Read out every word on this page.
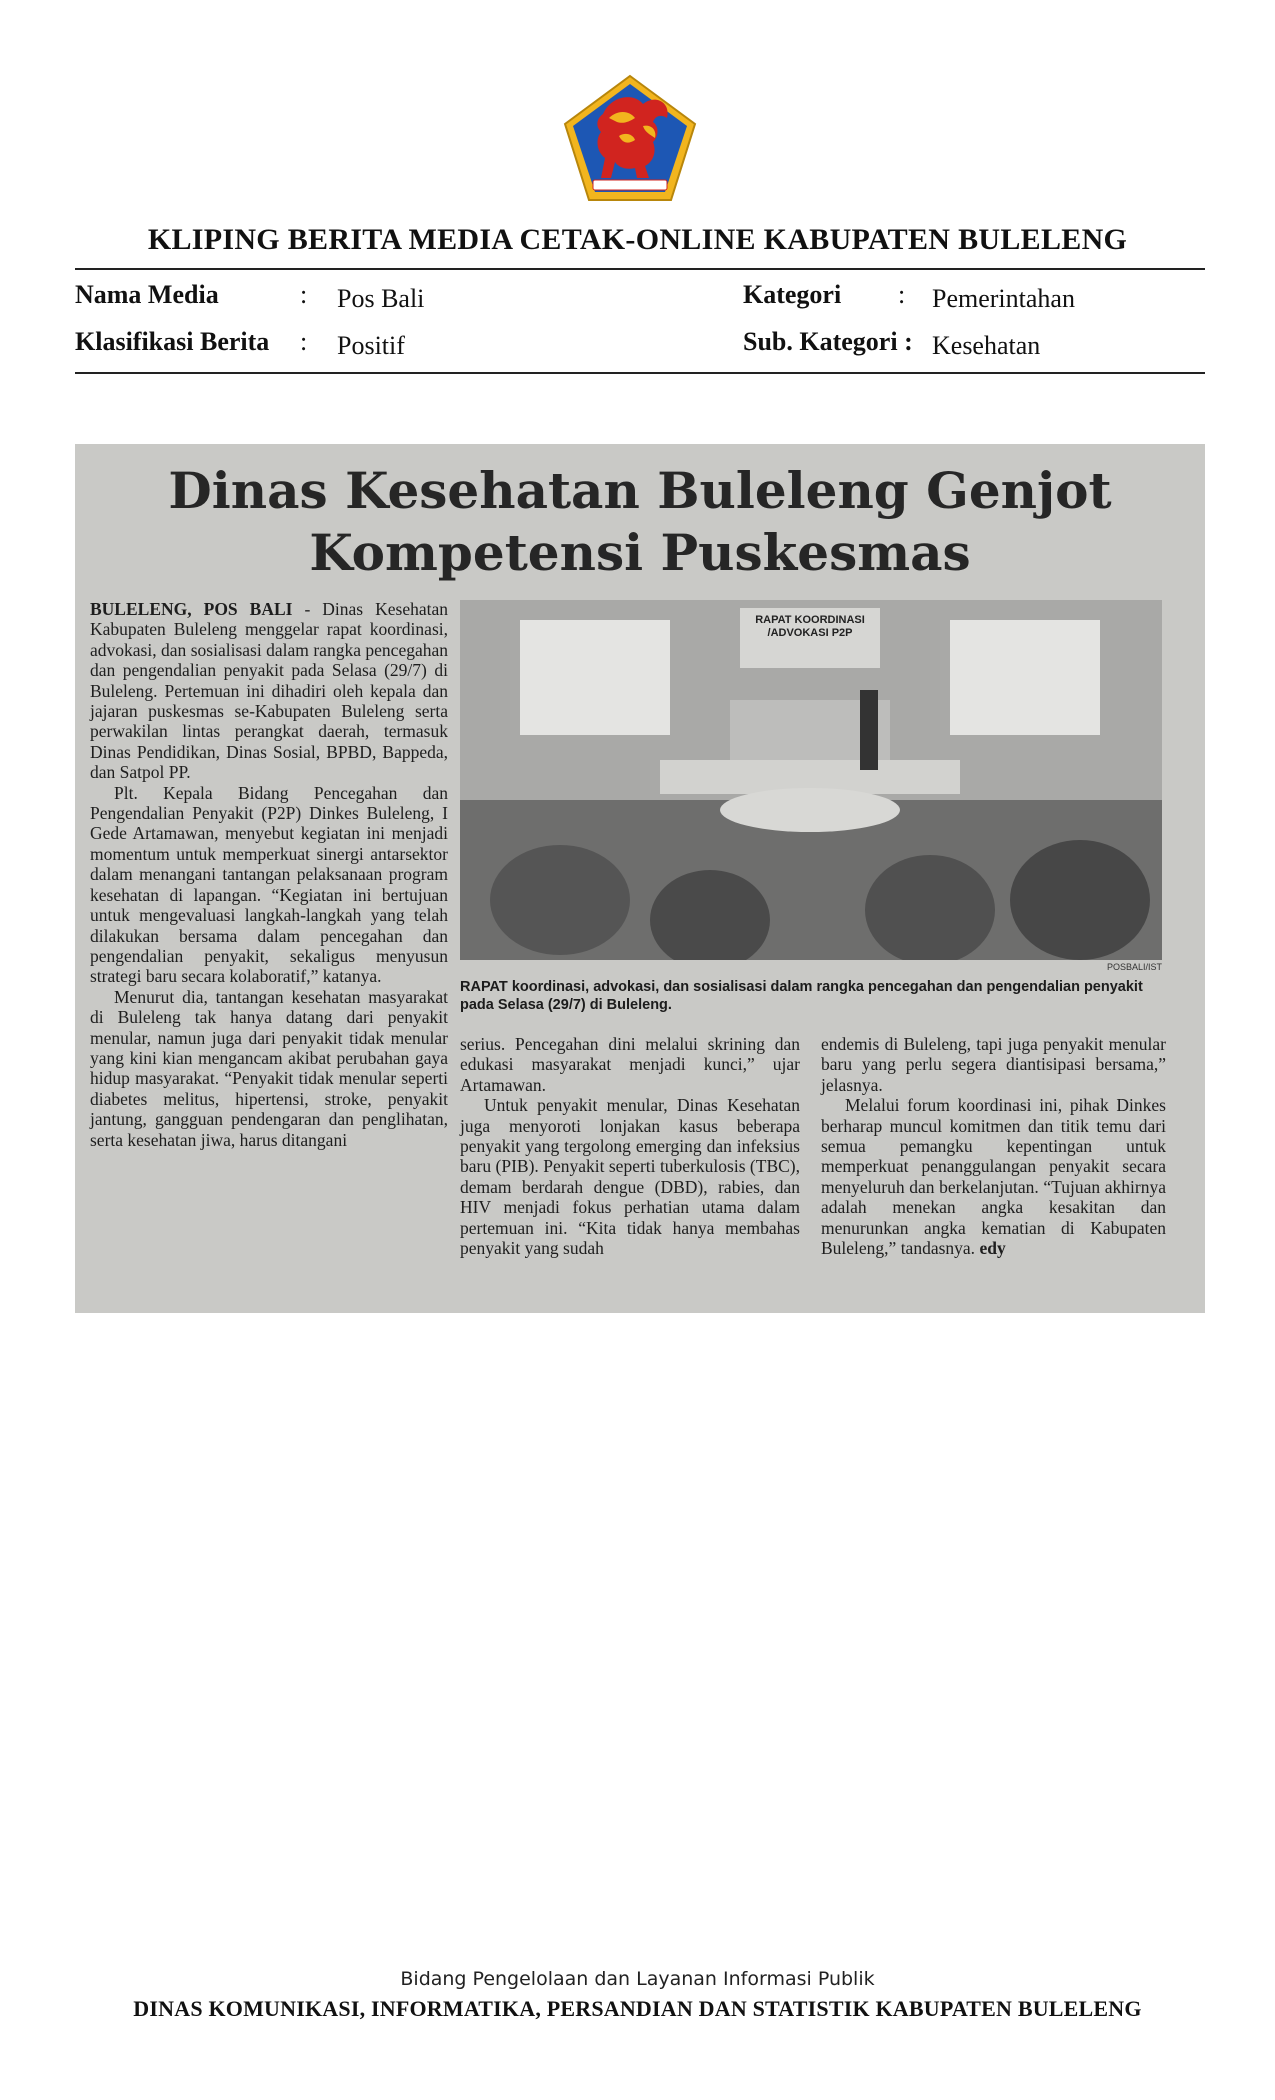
KLIPING BERITA MEDIA CETAK-ONLINE KABUPATEN BULELENG
Nama Media	: Pos Bali	Kategori : Pemerintahan
Klasifikasi Berita : Positif	Sub. Kategori : Kesehatan
Dinas Kesehatan Buleleng Genjot
Kompetensi Puskesmas

BULELENG, POS BALI - Dinas Kesehatan Kabupaten Buleleng menggelar rapat koordinasi, advokasi, dan sosialisasi dalam rangka pencegahan dan pengendalian penyakit pada Selasa (29/7) di Buleleng. Pertemuan ini dihadiri oleh kepala dan jajaran puskesmas se-Kabupaten Buleleng serta perwakilan lintas perangkat daerah, termasuk Dinas Pendidikan, Dinas Sosial, BPBD, Bappeda, dan Satpol PP.

Plt. Kepala Bidang Pencegahan dan Pengendalian Penyakit (P2P) Dinkes Buleleng, I Gede Artamawan, menyebut kegiatan ini menjadi momentum untuk memperkuat sinergi antarsektor dalam menangani tantangan pelaksanaan program kesehatan di lapangan. “Kegiatan ini bertujuan untuk mengevaluasi langkah-langkah yang telah dilakukan bersama dalam pencegahan dan pengendalian penyakit, sekaligus menyusun strategi baru secara kolaboratif,” katanya.

Menurut dia, tantangan kesehatan masyarakat di Buleleng tak hanya datang dari penyakit menular, namun juga dari penyakit tidak menular yang kini kian mengancam akibat perubahan gaya hidup masyarakat. “Penyakit tidak menular seperti diabetes melitus, hipertensi, stroke, penyakit jantung, gangguan pendengaran dan penglihatan, serta kesehatan jiwa, harus ditangani

RAPAT KOORDINASI
/ADVOKASI P2P
POSBALI/IST
RAPAT koordinasi, advokasi, dan sosialisasi dalam rangka pencegahan dan pengendalian penyakit pada Selasa (29/7) di Buleleng.

serius. Pencegahan dini melalui skrining dan edukasi masyarakat menjadi kunci,” ujar Artamawan.

Untuk penyakit menular, Dinas Kesehatan juga menyoroti lonjakan kasus beberapa penyakit yang tergolong emerging dan infeksius baru (PIB). Penyakit seperti tuberkulosis (TBC), demam berdarah dengue (DBD), rabies, dan HIV menjadi fokus perhatian utama dalam pertemuan ini. “Kita tidak hanya membahas penyakit yang sudah

endemis di Buleleng, tapi juga penyakit menular baru yang perlu segera diantisipasi bersama,” jelasnya.

Melalui forum koordinasi ini, pihak Dinkes berharap muncul komitmen dan titik temu dari semua pemangku kepentingan untuk memperkuat penanggulangan penyakit secara menyeluruh dan berkelanjutan. “Tujuan akhirnya adalah menekan angka kesakitan dan menurunkan angka kematian di Kabupaten Buleleng,” tandasnya. edy

Bidang Pengelolaan dan Layanan Informasi Publik
DINAS KOMUNIKASI, INFORMATIKA, PERSANDIAN DAN STATISTIK KABUPATEN BULELENG
